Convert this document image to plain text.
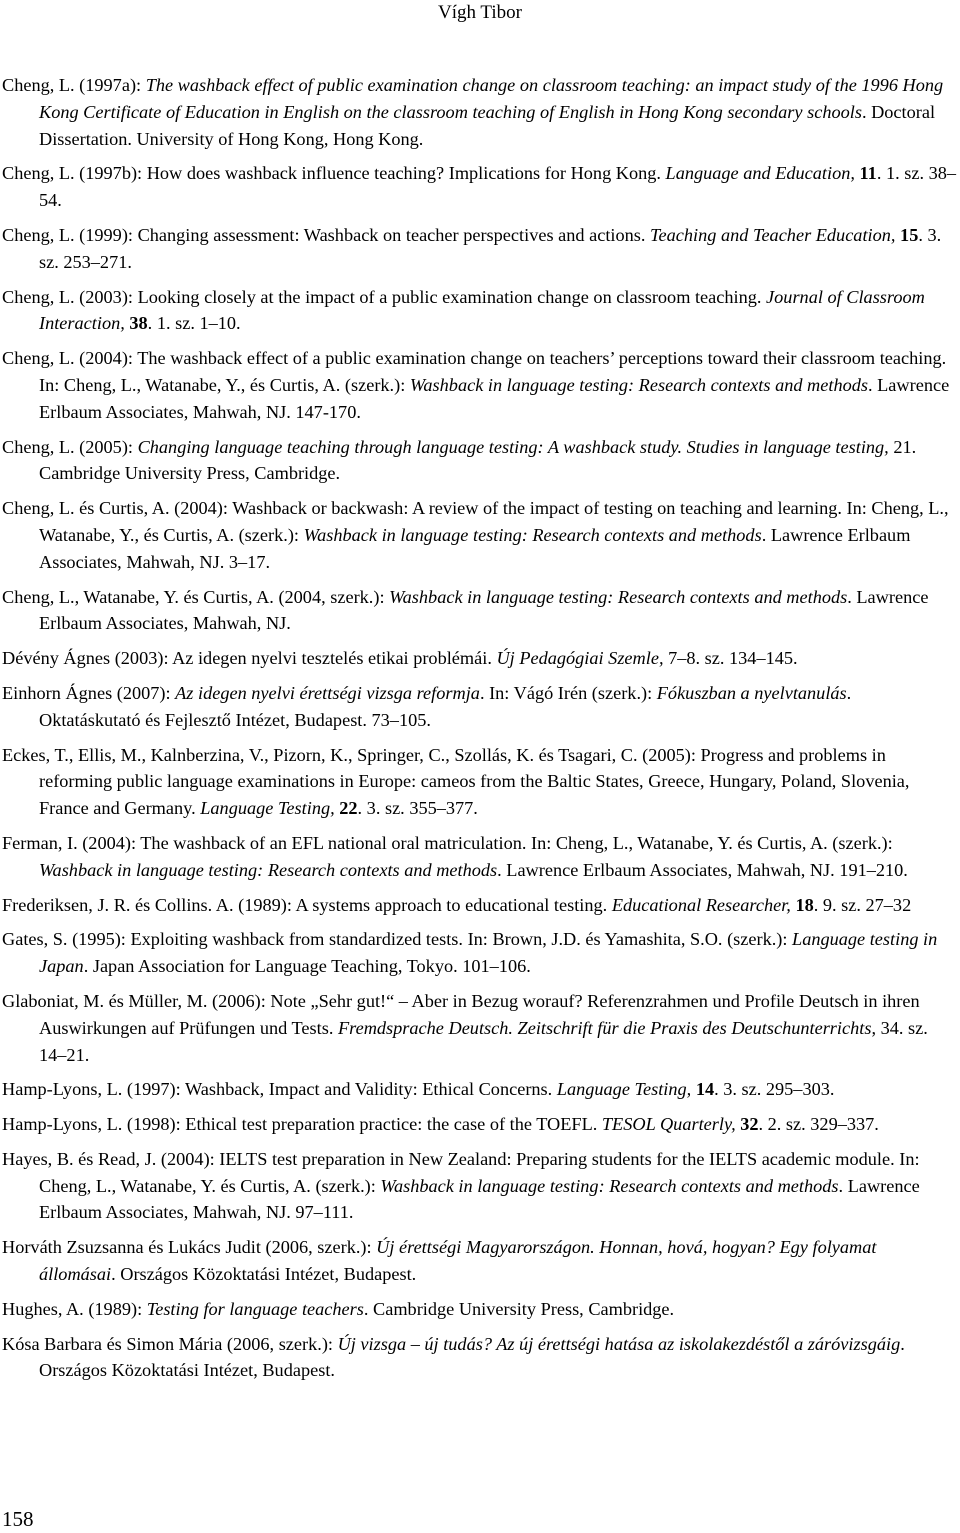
Vígh Tibor

Cheng, L. (1997a): The washback effect of public examination change on classroom teaching: an impact study of the 1996 Hong Kong Certificate of Education in English on the classroom teaching of English in Hong Kong secondary schools. Doctoral Dissertation. University of Hong Kong, Hong Kong.

Cheng, L. (1997b): How does washback influence teaching? Implications for Hong Kong. Language and Education, 11. 1. sz. 38–54.

Cheng, L. (1999): Changing assessment: Washback on teacher perspectives and actions. Teaching and Teacher Education, 15. 3. sz. 253–271.

Cheng, L. (2003): Looking closely at the impact of a public examination change on classroom teaching. Journal of Classroom Interaction, 38. 1. sz. 1–10.

Cheng, L. (2004): The washback effect of a public examination change on teachers’ perceptions toward their classroom teaching. In: Cheng, L., Watanabe, Y., és Curtis, A. (szerk.): Washback in language testing: Research contexts and methods. Lawrence Erlbaum Associates, Mahwah, NJ. 147-170.

Cheng, L. (2005): Changing language teaching through language testing: A washback study. Studies in language testing, 21. Cambridge University Press, Cambridge.

Cheng, L. és Curtis, A. (2004): Washback or backwash: A review of the impact of testing on teaching and learning. In: Cheng, L., Watanabe, Y., és Curtis, A. (szerk.): Washback in language testing: Research contexts and methods. Lawrence Erlbaum Associates, Mahwah, NJ. 3–17.

Cheng, L., Watanabe, Y. és Curtis, A. (2004, szerk.): Washback in language testing: Research contexts and methods. Lawrence Erlbaum Associates, Mahwah, NJ.

Dévény Ágnes (2003): Az idegen nyelvi tesztelés etikai problémái. Új Pedagógiai Szemle, 7–8. sz. 134–145.

Einhorn Ágnes (2007): Az idegen nyelvi érettségi vizsga reformja. In: Vágó Irén (szerk.): Fókuszban a nyelvtanulás. Oktatáskutató és Fejlesztő Intézet, Budapest. 73–105.

Eckes, T., Ellis, M., Kalnberzina, V., Pizorn, K., Springer, C., Szollás, K. és Tsagari, C. (2005): Progress and problems in reforming public language examinations in Europe: cameos from the Baltic States, Greece, Hungary, Poland, Slovenia, France and Germany. Language Testing, 22. 3. sz. 355–377.

Ferman, I. (2004): The washback of an EFL national oral matriculation. In: Cheng, L., Watanabe, Y. és Curtis, A. (szerk.): Washback in language testing: Research contexts and methods. Lawrence Erlbaum Associates, Mahwah, NJ. 191–210.

Frederiksen, J. R. és Collins. A. (1989): A systems approach to educational testing. Educational Researcher, 18. 9. sz. 27–32

Gates, S. (1995): Exploiting washback from standardized tests. In: Brown, J.D. és Yamashita, S.O. (szerk.): Language testing in Japan. Japan Association for Language Teaching, Tokyo. 101–106.

Glaboniat, M. és Müller, M. (2006): Note „Sehr gut!“ – Aber in Bezug worauf? Referenzrahmen und Profile Deutsch in ihren Auswirkungen auf Prüfungen und Tests. Fremdsprache Deutsch. Zeitschrift für die Praxis des Deutschunterrichts, 34. sz. 14–21.

Hamp-Lyons, L. (1997): Washback, Impact and Validity: Ethical Concerns. Language Testing, 14. 3. sz. 295–303.

Hamp-Lyons, L. (1998): Ethical test preparation practice: the case of the TOEFL. TESOL Quarterly, 32. 2. sz. 329–337.

Hayes, B. és Read, J. (2004): IELTS test preparation in New Zealand: Preparing students for the IELTS academic module. In: Cheng, L., Watanabe, Y. és Curtis, A. (szerk.): Washback in language testing: Research contexts and methods. Lawrence Erlbaum Associates, Mahwah, NJ. 97–111.

Horváth Zsuzsanna és Lukács Judit (2006, szerk.): Új érettségi Magyarországon. Honnan, hová, hogyan? Egy folyamat állomásai. Országos Közoktatási Intézet, Budapest.

Hughes, A. (1989): Testing for language teachers. Cambridge University Press, Cambridge.

Kósa Barbara és Simon Mária (2006, szerk.): Új vizsga – új tudás? Az új érettségi hatása az iskolakezdéstől a záróvizsgáig. Országos Közoktatási Intézet, Budapest.

158
